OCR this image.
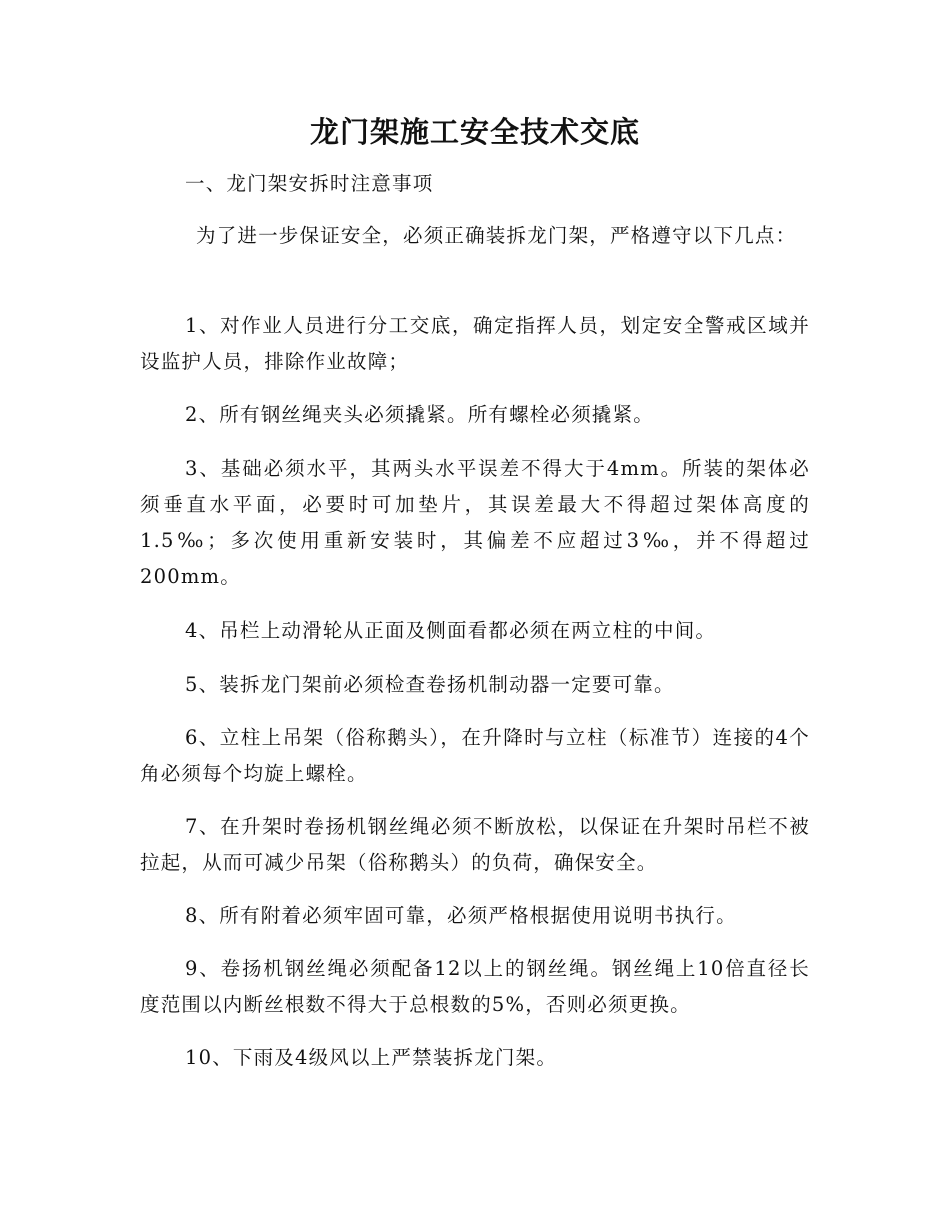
龙门架施工安全技术交底

一、龙门架安拆时注意事项

为了进一步保证安全，必须正确装拆龙门架，严格遵守以下几点：

1、对作业人员进行分工交底，确定指挥人员，划定安全警戒区域并设监护人员，排除作业故障；

2、所有钢丝绳夹头必须撬紧。所有螺栓必须撬紧。

3、基础必须水平，其两头水平误差不得大于4mm。所装的架体必须垂直水平面，必要时可加垫片，其误差最大不得超过架体高度的1.5‰；多次使用重新安装时，其偏差不应超过3‰，并不得超过200mm。

4、吊栏上动滑轮从正面及侧面看都必须在两立柱的中间。

5、装拆龙门架前必须检查卷扬机制动器一定要可靠。

6、立柱上吊架（俗称鹅头），在升降时与立柱（标准节）连接的4个角必须每个均旋上螺栓。

7、在升架时卷扬机钢丝绳必须不断放松，以保证在升架时吊栏不被拉起，从而可减少吊架（俗称鹅头）的负荷，确保安全。

8、所有附着必须牢固可靠，必须严格根据使用说明书执行。

9、卷扬机钢丝绳必须配备12以上的钢丝绳。钢丝绳上10倍直径长度范围以内断丝根数不得大于总根数的5%，否则必须更换。

10、下雨及4级风以上严禁装拆龙门架。
